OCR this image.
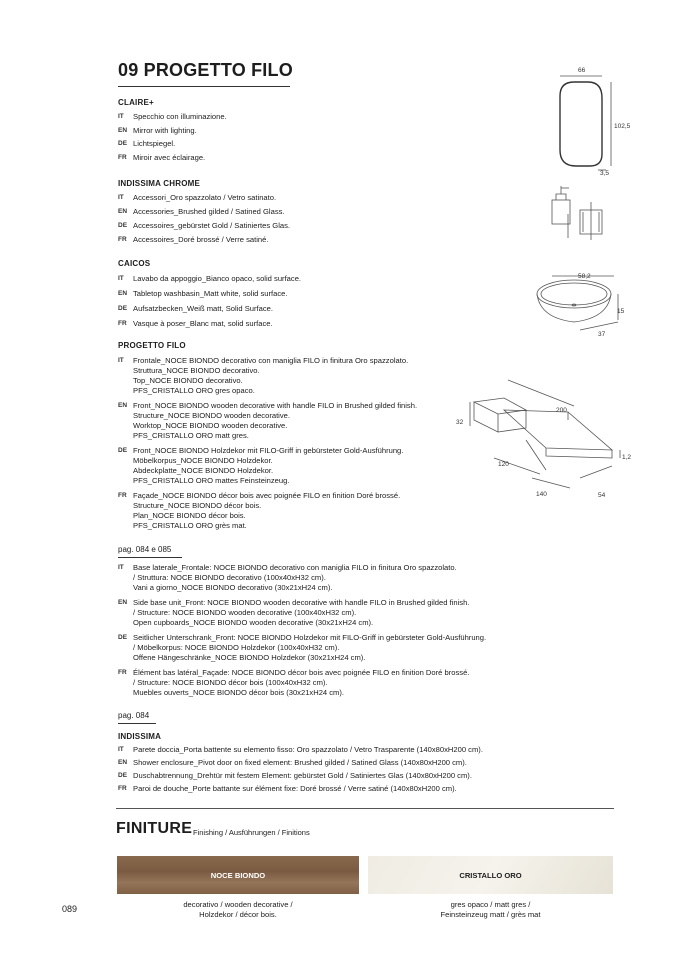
09 PROGETTO FILO
CLAIRE+
IT Specchio con illuminazione.
EN Mirror with lighting.
DE Lichtspiegel.
FR Miroir avec éclairage.
INDISSIMA CHROME
IT Accessori_Oro spazzolato / Vetro satinato.
EN Accessories_Brushed gilded / Satined Glass.
DE Accessoires_gebürstet Gold / Satiniertes Glas.
FR Accessoires_Doré brossé / Verre satiné.
CAICOS
IT Lavabo da appoggio_Bianco opaco, solid surface.
EN Tabletop washbasin_Matt white, solid surface.
DE Aufsatzbecken_Weiß matt, Solid Surface.
FR Vasque à poser_Blanc mat, solid surface.
PROGETTO FILO
IT Frontale_NOCE BIONDO decorativo con maniglia FILO in finitura Oro spazzolato.
Struttura_NOCE BIONDO decorativo.
Top_NOCE BIONDO decorativo.
PFS_CRISTALLO ORO gres opaco.
EN Front_NOCE BIONDO wooden decorative with handle FILO in Brushed gilded finish.
Structure_NOCE BIONDO wooden decorative.
Worktop_NOCE BIONDO wooden decorative.
PFS_CRISTALLO ORO matt gres.
DE Front_NOCE BIONDO Holzdekor mit FILO-Griff in gebürsteter Gold-Ausführung.
Möbelkorpus_NOCE BIONDO Holzdekor.
Abdeckplatte_NOCE BIONDO Holzdekor.
PFS_CRISTALLO ORO mattes Feinsteinzeug.
FR Façade_NOCE BIONDO décor bois avec poignée FILO en finition Doré brossé.
Structure_NOCE BIONDO décor bois.
Plan_NOCE BIONDO décor bois.
PFS_CRISTALLO ORO grès mat.
pag. 084 e 085
IT Base laterale_Frontale: NOCE BIONDO decorativo con maniglia FILO in finitura Oro spazzolato.
/ Struttura: NOCE BIONDO decorativo (100x40xH32 cm).
Vani a giorno_NOCE BIONDO decorativo (30x21xH24 cm).
EN Side base unit_Front: NOCE BIONDO wooden decorative with handle FILO in Brushed gilded finish.
/ Structure: NOCE BIONDO wooden decorative (100x40xH32 cm).
Open cupboards_NOCE BIONDO wooden decorative (30x21xH24 cm).
DE Seitlicher Unterschrank_Front: NOCE BIONDO Holzdekor mit FILO-Griff in gebürsteter Gold-Ausführung.
/ Möbelkorpus: NOCE BIONDO Holzdekor (100x40xH32 cm).
Offene Hängeschränke_NOCE BIONDO Holzdekor (30x21xH24 cm).
FR Élément bas latéral_Façade: NOCE BIONDO décor bois avec poignée FILO en finition Doré brossé.
/ Structure: NOCE BIONDO décor bois (100x40xH32 cm).
Muebles ouverts_NOCE BIONDO décor bois (30x21xH24 cm).
pag. 084
INDISSIMA
IT Parete doccia_Porta battente su elemento fisso: Oro spazzolato / Vetro Trasparente (140x80xH200 cm).
EN Shower enclosure_Pivot door on fixed element: Brushed gilded / Satined Glass (140x80xH200 cm).
DE Duschabtrennung_Drehtür mit festem Element: gebürstet Gold / Satiniertes Glas (140x80xH200 cm).
FR Paroi de douche_Porte battante sur élément fixe: Doré brossé / Verre satiné (140x80xH200 cm).
66
102,5
3,5
58,2
15
37
200
32
120
140	54
1,2
FINITURE Finishing / Ausführungen / Finitions
NOCE BIONDO	CRISTALLO ORO
decorativo / wooden decorative /
Holzdekor / décor bois.
gres opaco / matt gres /
Feinsteinzeug matt / grès mat
089
